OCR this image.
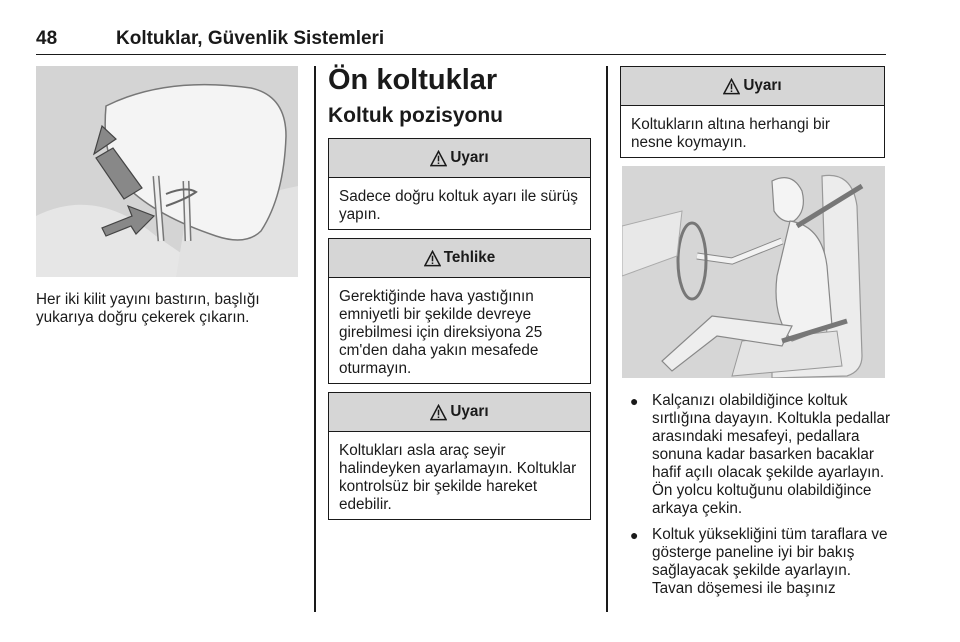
48	Koltuklar, Güvenlik Sistemleri
Her iki kilit yayını bastırın, başlığı yukarıya doğru çekerek çıkarın.
Ön koltuklar
Koltuk pozisyonu
Uyarı
Sadece doğru koltuk ayarı ile sürüş yapın.
Tehlike
Gerektiğinde hava yastığının emniyetli bir şekilde devreye girebilmesi için direksiyona 25 cm'den daha yakın mesafede oturmayın.
Uyarı
Koltukları asla araç seyir halindeyken ayarlamayın. Koltuklar kontrolsüz bir şekilde hareket edebilir.
Uyarı
Koltukların altına herhangi bir nesne koymayın.
● Kalçanızı olabildiğince koltuk sırtlığına dayayın. Koltukla pedallar arasındaki mesafeyi, pedallara sonuna kadar basarken bacaklar hafif açılı olacak şekilde ayarlayın. Ön yolcu koltuğunu olabildiğince arkaya çekin.
● Koltuk yüksekliğini tüm taraflara ve gösterge paneline iyi bir bakış sağlayacak şekilde ayarlayın. Tavan döşemesi ile başınız
